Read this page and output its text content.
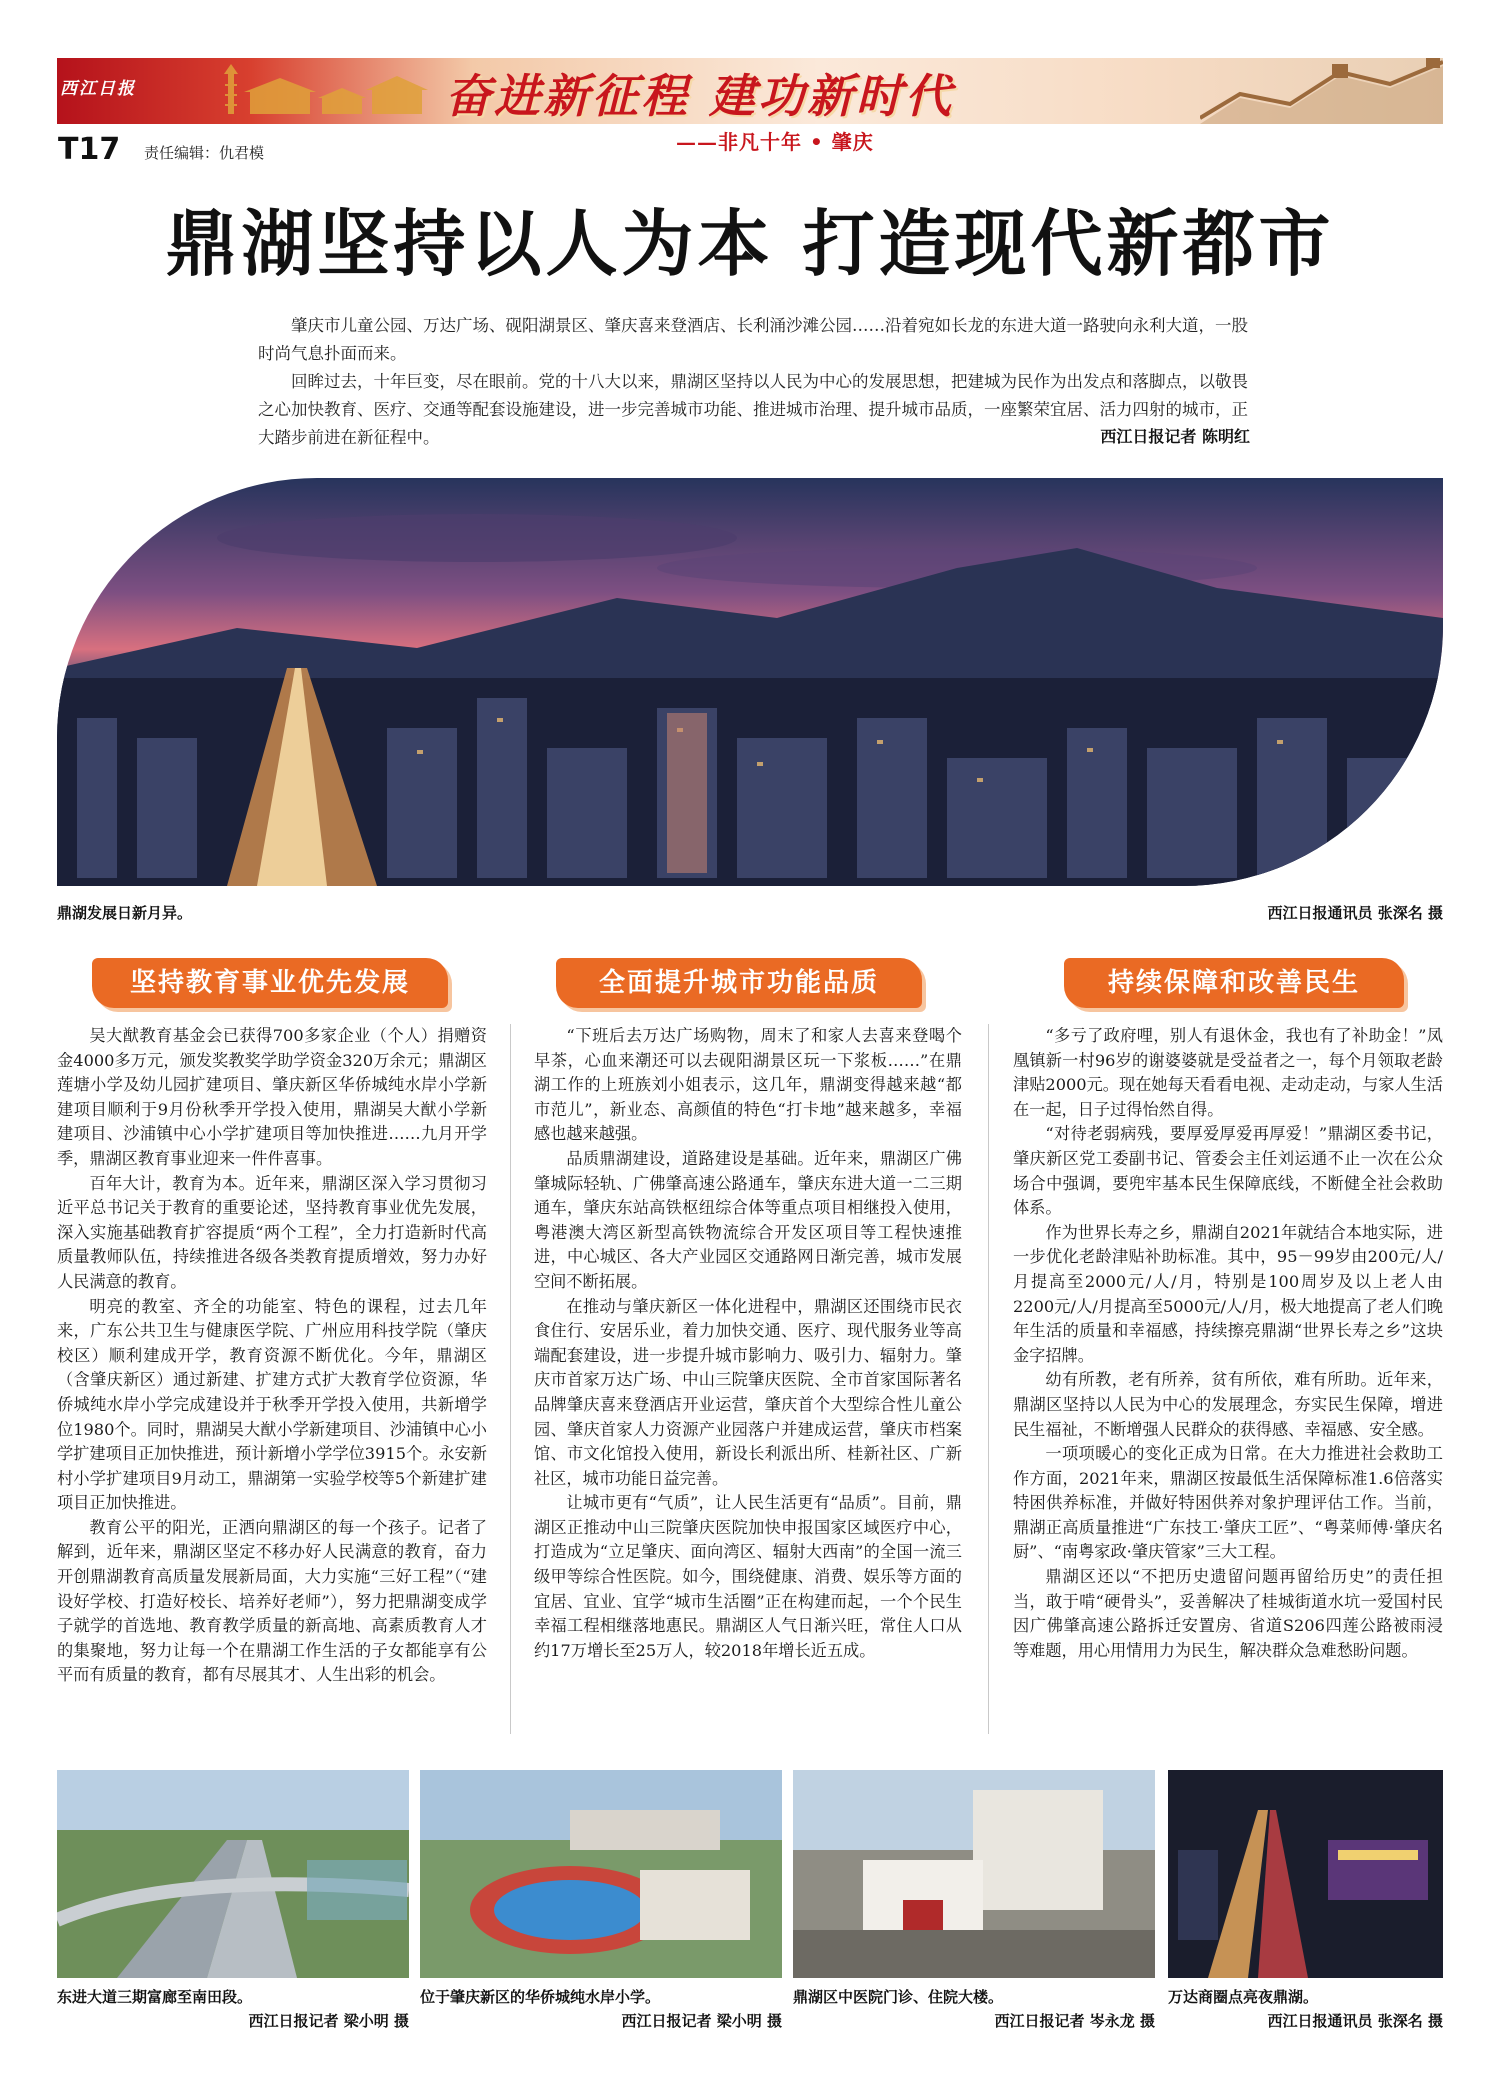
西江日报	奋进新征程 建功新时代
——非凡十年 • 肇庆
T17	责任编辑：仇君模
鼎湖坚持以人为本 打造现代新都市

肇庆市儿童公园、万达广场、砚阳湖景区、肇庆喜来登酒店、长利涌沙滩公园……沿着宛如长龙的东进大道一路驶向永利大道，一股时尚气息扑面而来。

回眸过去，十年巨变，尽在眼前。党的十八大以来，鼎湖区坚持以人民为中心的发展思想，把建城为民作为出发点和落脚点，以敬畏之心加快教育、医疗、交通等配套设施建设，进一步完善城市功能、推进城市治理、提升城市品质，一座繁荣宜居、活力四射的城市，正大踏步前进在新征程中。	西江日报记者 陈明红
鼎湖发展日新月异。	西江日报通讯员 张深名 摄
坚持教育事业优先发展	全面提升城市功能品质	持续保障和改善民生

吴大猷教育基金会已获得700多家企业（个人）捐赠资金4000多万元，颁发奖教奖学助学资金320万余元；鼎湖区莲塘小学及幼儿园扩建项目、肇庆新区华侨城纯水岸小学新建项目顺利于9月份秋季开学投入使用，鼎湖吴大猷小学新建项目、沙浦镇中心小学扩建项目等加快推进……九月开学季，鼎湖区教育事业迎来一件件喜事。

百年大计，教育为本。近年来，鼎湖区深入学习贯彻习近平总书记关于教育的重要论述，坚持教育事业优先发展，深入实施基础教育扩容提质“两个工程”，全力打造新时代高质量教师队伍，持续推进各级各类教育提质增效，努力办好人民满意的教育。

明亮的教室、齐全的功能室、特色的课程，过去几年来，广东公共卫生与健康医学院、广州应用科技学院（肇庆校区）顺利建成开学，教育资源不断优化。今年，鼎湖区（含肇庆新区）通过新建、扩建方式扩大教育学位资源，华侨城纯水岸小学完成建设并于秋季开学投入使用，共新增学位1980个。同时，鼎湖吴大猷小学新建项目、沙浦镇中心小学扩建项目正加快推进，预计新增小学学位3915个。永安新村小学扩建项目9月动工，鼎湖第一实验学校等5个新建扩建项目正加快推进。

教育公平的阳光，正洒向鼎湖区的每一个孩子。记者了解到，近年来，鼎湖区坚定不移办好人民满意的教育，奋力开创鼎湖教育高质量发展新局面，大力实施“三好工程”（“建设好学校、打造好校长、培养好老师”），努力把鼎湖变成学子就学的首选地、教育教学质量的新高地、高素质教育人才的集聚地，努力让每一个在鼎湖工作生活的子女都能享有公平而有质量的教育，都有尽展其才、人生出彩的机会。

“下班后去万达广场购物，周末了和家人去喜来登喝个早茶，心血来潮还可以去砚阳湖景区玩一下浆板……”在鼎湖工作的上班族刘小姐表示，这几年，鼎湖变得越来越“都市范儿”，新业态、高颜值的特色“打卡地”越来越多，幸福感也越来越强。

品质鼎湖建设，道路建设是基础。近年来，鼎湖区广佛肇城际轻轨、广佛肇高速公路通车，肇庆东进大道一二三期通车，肇庆东站高铁枢纽综合体等重点项目相继投入使用，粤港澳大湾区新型高铁物流综合开发区项目等工程快速推进，中心城区、各大产业园区交通路网日渐完善，城市发展空间不断拓展。

在推动与肇庆新区一体化进程中，鼎湖区还围绕市民衣食住行、安居乐业，着力加快交通、医疗、现代服务业等高端配套建设，进一步提升城市影响力、吸引力、辐射力。肇庆市首家万达广场、中山三院肇庆医院、全市首家国际著名品牌肇庆喜来登酒店开业运营，肇庆首个大型综合性儿童公园、肇庆首家人力资源产业园落户并建成运营，肇庆市档案馆、市文化馆投入使用，新设长利派出所、桂新社区、广新社区，城市功能日益完善。

让城市更有“气质”，让人民生活更有“品质”。目前，鼎湖区正推动中山三院肇庆医院加快申报国家区域医疗中心，打造成为“立足肇庆、面向湾区、辐射大西南”的全国一流三级甲等综合性医院。如今，围绕健康、消费、娱乐等方面的宜居、宜业、宜学“城市生活圈”正在构建而起，一个个民生幸福工程相继落地惠民。鼎湖区人气日渐兴旺，常住人口从约17万增长至25万人，较2018年增长近五成。

“多亏了政府哩，别人有退休金，我也有了补助金！”凤凰镇新一村96岁的谢婆婆就是受益者之一，每个月领取老龄津贴2000元。现在她每天看看电视、走动走动，与家人生活在一起，日子过得怡然自得。

“对待老弱病残，要厚爱厚爱再厚爱！”鼎湖区委书记，肇庆新区党工委副书记、管委会主任刘运通不止一次在公众场合中强调，要兜牢基本民生保障底线，不断健全社会救助体系。

作为世界长寿之乡，鼎湖自2021年就结合本地实际，进一步优化老龄津贴补助标准。其中，95－99岁由200元/人/月提高至2000元/人/月，特别是100周岁及以上老人由2200元/人/月提高至5000元/人/月，极大地提高了老人们晚年生活的质量和幸福感，持续擦亮鼎湖“世界长寿之乡”这块金字招牌。

幼有所教，老有所养，贫有所依，难有所助。近年来，鼎湖区坚持以人民为中心的发展理念，夯实民生保障，增进民生福祉，不断增强人民群众的获得感、幸福感、安全感。

一项项暖心的变化正成为日常。在大力推进社会救助工作方面，2021年来，鼎湖区按最低生活保障标准1.6倍落实特困供养标准，并做好特困供养对象护理评估工作。当前，鼎湖正高质量推进“广东技工·肇庆工匠”、“粤菜师傅·肇庆名厨”、“南粤家政·肇庆管家”三大工程。

鼎湖区还以“不把历史遗留问题再留给历史”的责任担当，敢于啃“硬骨头”，妥善解决了桂城街道水坑一爱国村民因广佛肇高速公路拆迁安置房、省道S206四莲公路被雨浸等难题，用心用情用力为民生，解决群众急难愁盼问题。

东进大道三期富廊至南田段。
西江日报记者 梁小明 摄
位于肇庆新区的华侨城纯水岸小学。
西江日报记者 梁小明 摄
鼎湖区中医院门诊、住院大楼。
西江日报记者 岑永龙 摄
万达商圈点亮夜鼎湖。
西江日报通讯员 张深名 摄
